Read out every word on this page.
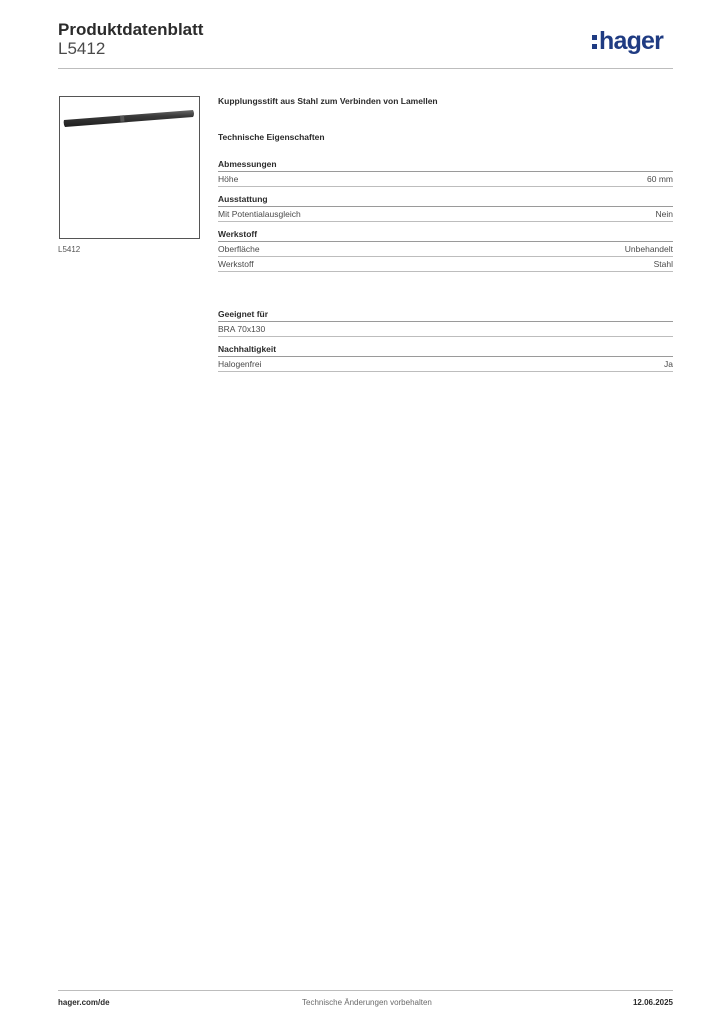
Produktdatenblatt
L5412	hager
L5412
Kupplungsstift aus Stahl zum Verbinden von Lamellen
Technische Eigenschaften
Abmessungen
Höhe	60 mm
Ausstattung
Mit Potentialausgleich	Nein
Werkstoff
Oberfläche	Unbehandelt
Werkstoff	Stahl
Geeignet für
BRA 70x130
Nachhaltigkeit
Halogenfrei	Ja
hager.com/de	Technische Änderungen vorbehalten	12.06.2025
